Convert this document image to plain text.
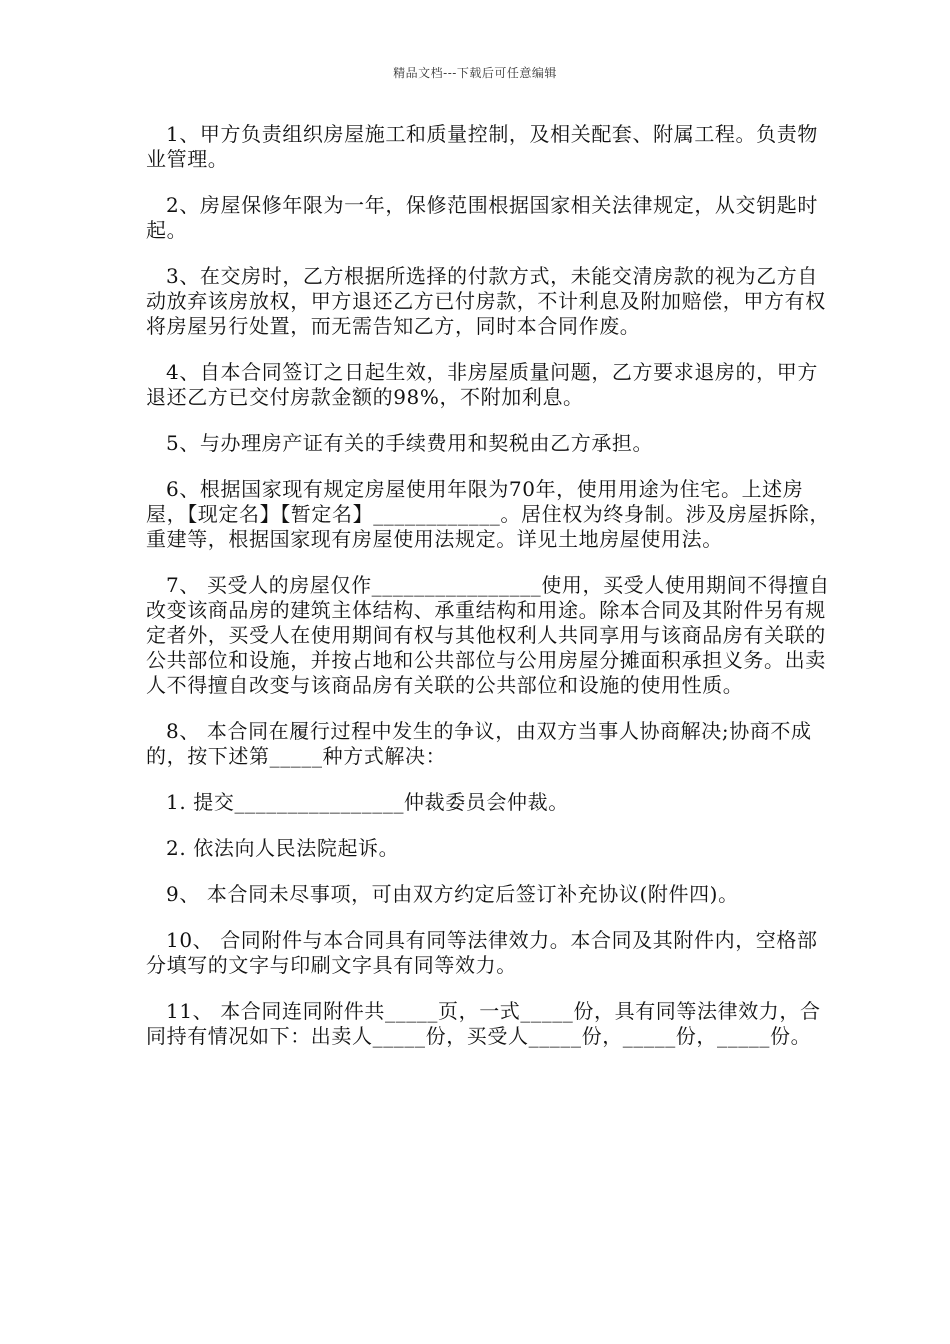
精品文档---下载后可任意编辑

1、甲方负责组织房屋施工和质量控制，及相关配套、附属工程。负责物业管理。

2、房屋保修年限为一年，保修范围根据国家相关法律规定，从交钥匙时起。

3、在交房时，乙方根据所选择的付款方式，未能交清房款的视为乙方自动放弃该房放权，甲方退还乙方已付房款，不计利息及附加赔偿，甲方有权将房屋另行处置，而无需告知乙方，同时本合同作废。

4、自本合同签订之日起生效，非房屋质量问题，乙方要求退房的，甲方退还乙方已交付房款金额的98%，不附加利息。

5、与办理房产证有关的手续费用和契税由乙方承担。

6、根据国家现有规定房屋使用年限为70年，使用用途为住宅。上述房屋，【现定名】【暂定名】____________。居住权为终身制。涉及房屋拆除，重建等，根据国家现有房屋使用法规定。详见土地房屋使用法。

7、 买受人的房屋仅作________________使用，买受人使用期间不得擅自改变该商品房的建筑主体结构、承重结构和用途。除本合同及其附件另有规定者外，买受人在使用期间有权与其他权利人共同享用与该商品房有关联的公共部位和设施，并按占地和公共部位与公用房屋分摊面积承担义务。出卖人不得擅自改变与该商品房有关联的公共部位和设施的使用性质。

8、 本合同在履行过程中发生的争议，由双方当事人协商解决;协商不成的，按下述第_____种方式解决：

1. 提交________________仲裁委员会仲裁。

2. 依法向人民法院起诉。

9、 本合同未尽事项，可由双方约定后签订补充协议(附件四)。

10、 合同附件与本合同具有同等法律效力。本合同及其附件内，空格部分填写的文字与印刷文字具有同等效力。

11、 本合同连同附件共_____页，一式_____份，具有同等法律效力，合同持有情况如下：出卖人_____份，买受人_____份，_____份，_____份。
